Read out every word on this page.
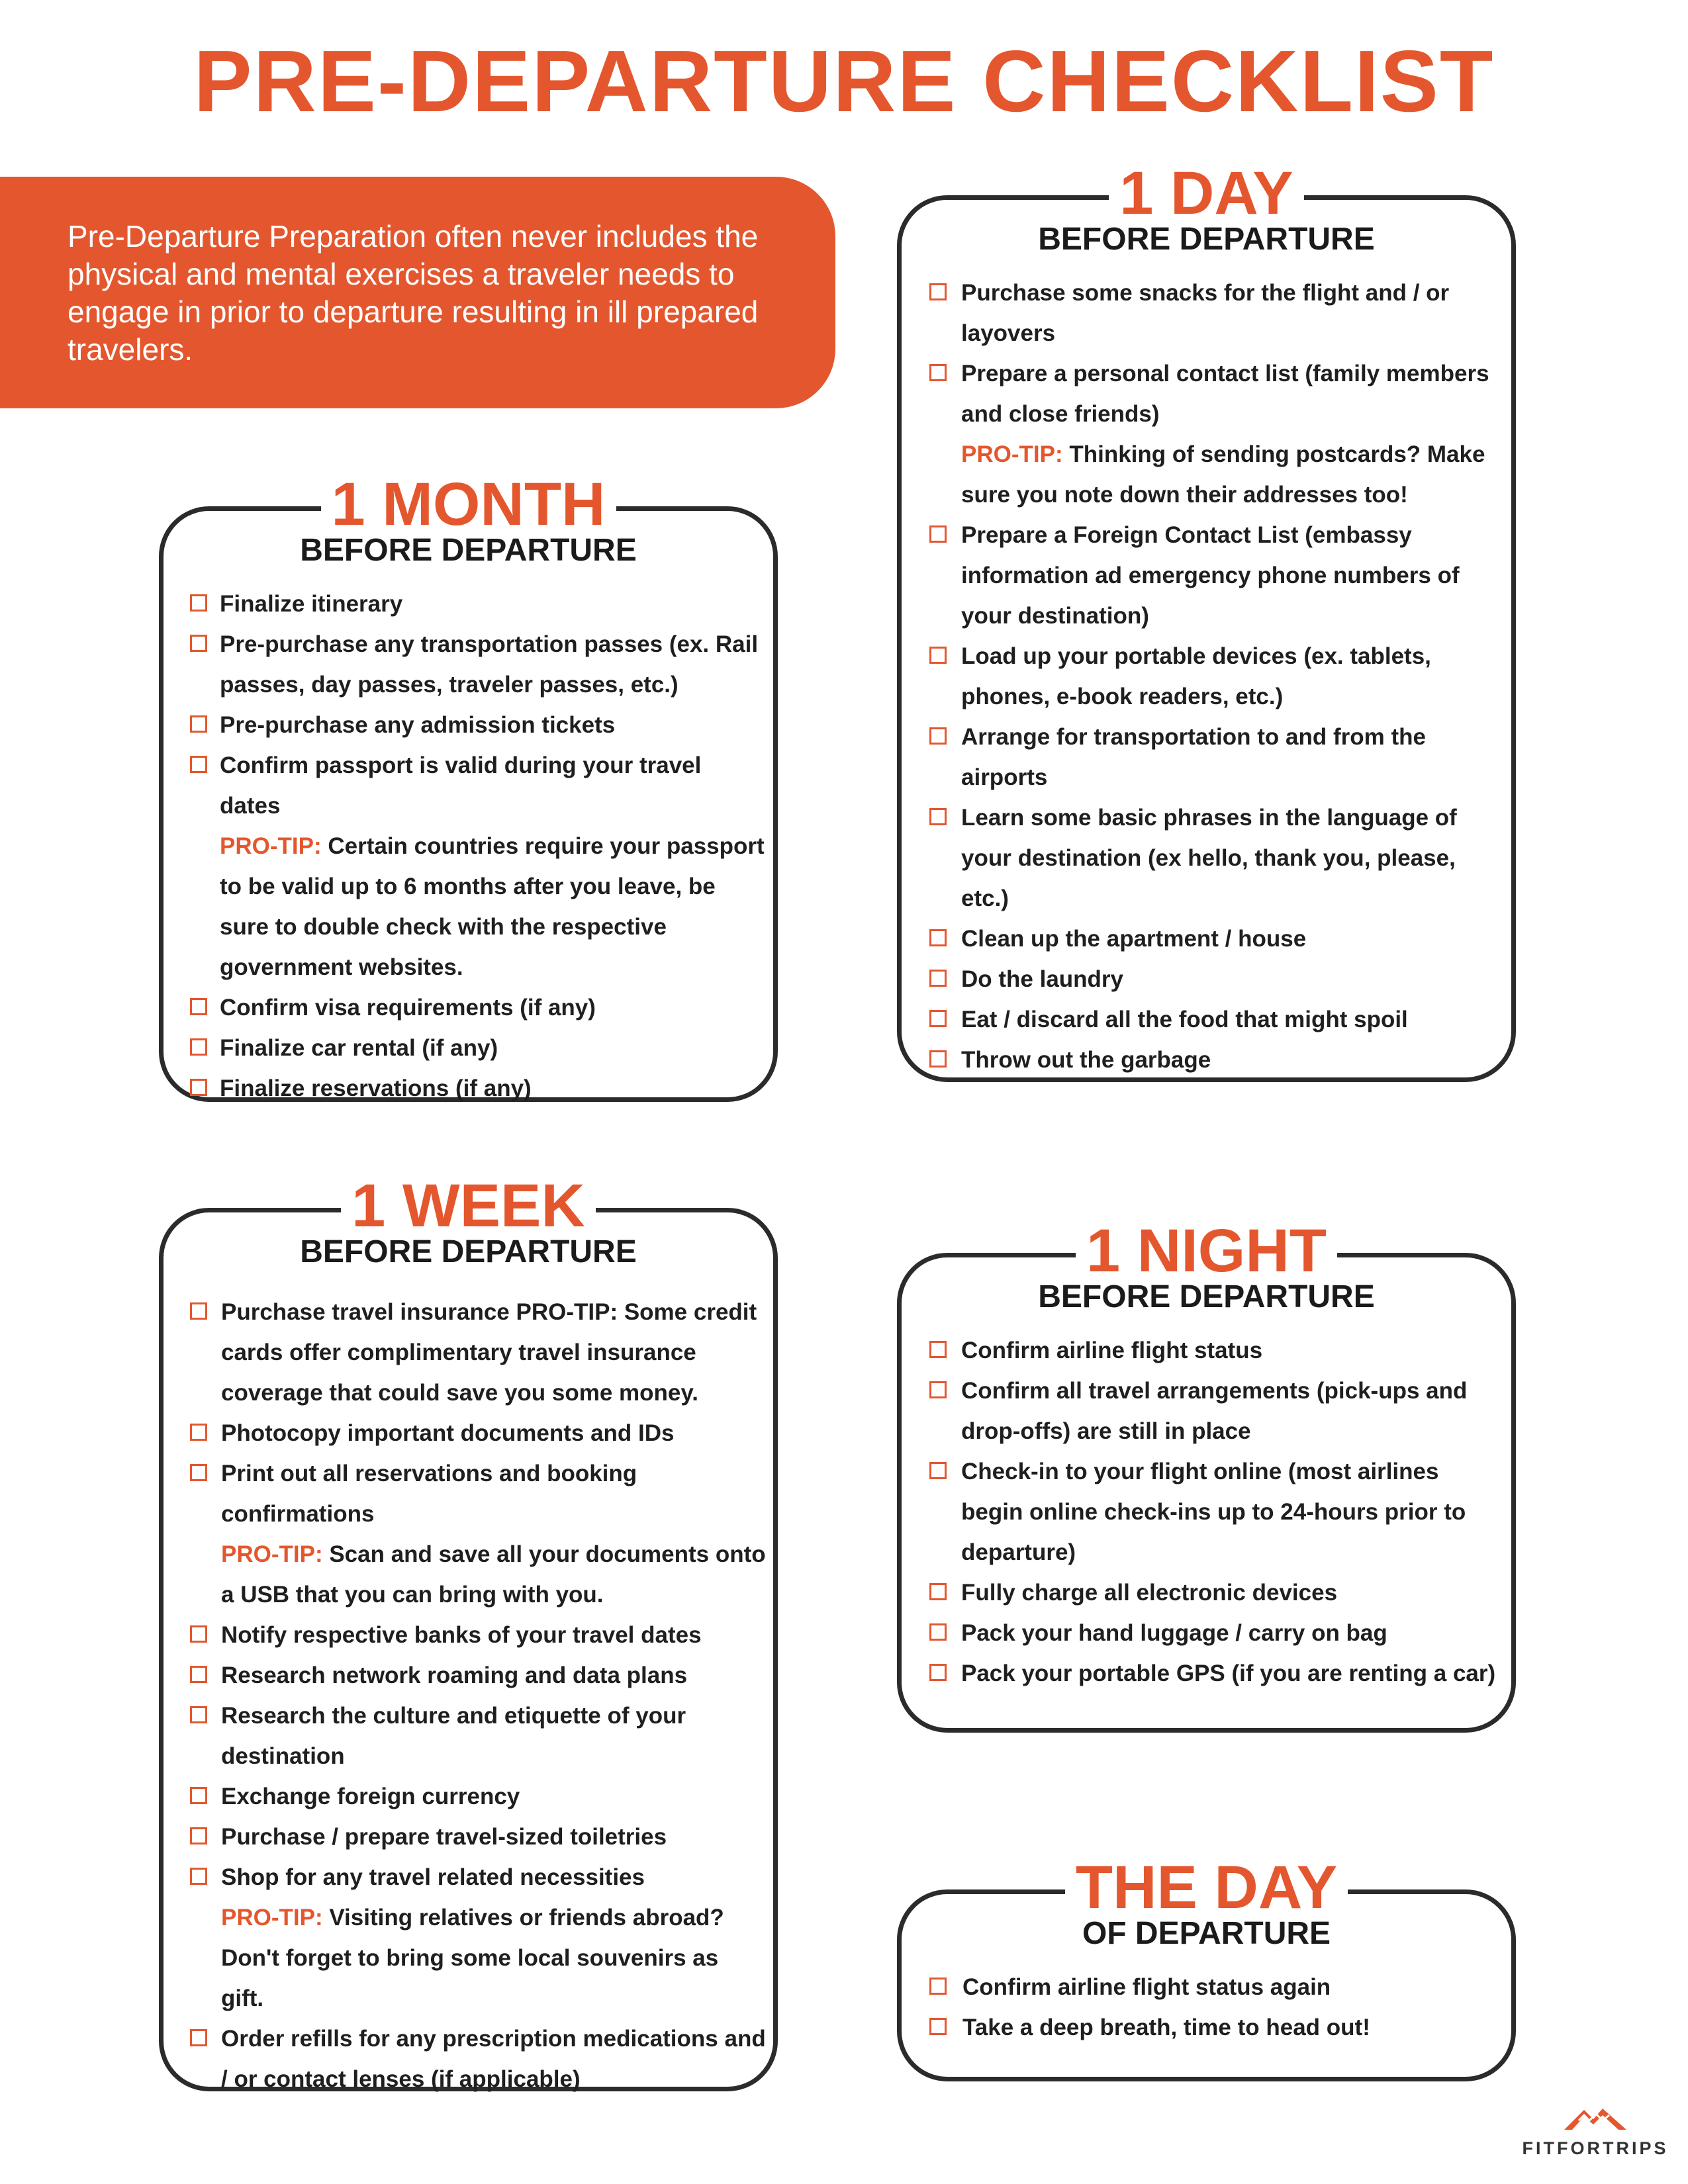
PRE-DEPARTURE CHECKLIST
Pre-Departure Preparation often never includes the physical and mental exercises a traveler needs to engage in prior to departure resulting in ill prepared travelers.
1 MONTH
BEFORE DEPARTURE
Finalize itinerary
Pre-purchase any transportation passes (ex. Rail passes, day passes, traveler passes, etc.)
Pre-purchase any admission tickets
Confirm passport is valid during your travel dates
PRO-TIP: Certain countries require your passport to be valid up to 6 months after you leave, be sure to double check with the respective government websites.
Confirm visa requirements (if any)
Finalize car rental (if any)
Finalize reservations (if any)
1 WEEK
BEFORE DEPARTURE
Purchase travel insurance PRO-TIP: Some credit cards offer complimentary travel insurance coverage that could save you some money.
Photocopy important documents and IDs
Print out all reservations and booking confirmations
PRO-TIP: Scan and save all your documents onto a USB that you can bring with you.
Notify respective banks of your travel dates
Research network roaming and data plans
Research the culture and etiquette of your destination
Exchange foreign currency
Purchase / prepare travel-sized toiletries
Shop for any travel related necessities
PRO-TIP: Visiting relatives or friends abroad? Don't forget to bring some local souvenirs as gift.
Order refills for any prescription medications and / or contact lenses (if applicable)
1 DAY
BEFORE DEPARTURE
Purchase some snacks for the flight and / or layovers
Prepare a personal contact list (family members and close friends)
PRO-TIP: Thinking of sending postcards? Make sure you note down their addresses too!
Prepare a Foreign Contact List (embassy information ad emergency phone numbers of your destination)
Load up your portable devices (ex. tablets, phones, e-book readers, etc.)
Arrange for transportation to and from the airports
Learn some basic phrases in the language of your destination (ex hello, thank you, please, etc.)
Clean up the apartment / house
Do the laundry
Eat / discard all the food that might spoil
Throw out the garbage
1 NIGHT
BEFORE DEPARTURE
Confirm airline flight status
Confirm all travel arrangements (pick-ups and drop-offs) are still in place
Check-in to your flight online (most airlines begin online check-ins up to 24-hours prior to departure)
Fully charge all electronic devices
Pack your hand luggage / carry on bag
Pack your portable GPS (if you are renting a car)
THE DAY
OF DEPARTURE
Confirm airline flight status again
Take a deep breath, time to head out!
FITFORTRIPS
